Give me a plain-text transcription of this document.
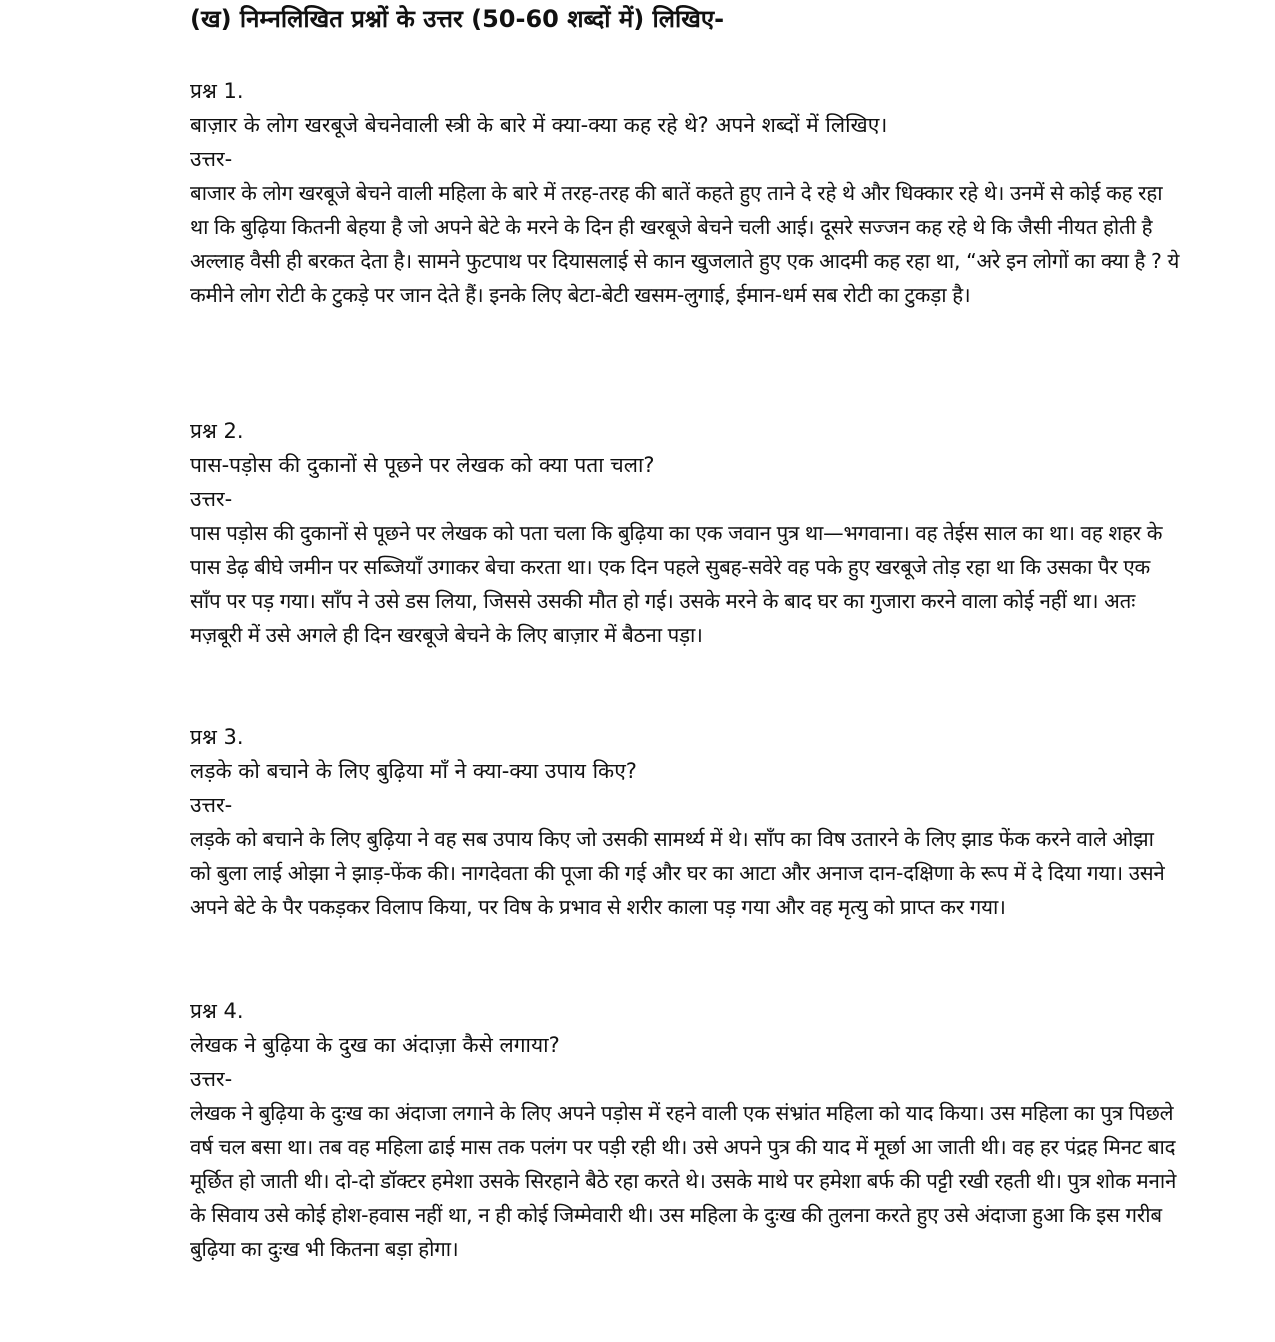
(ख) निम्नलिखित प्रश्नों के उत्तर (50-60 शब्दों में) लिखिए-
प्रश्न 1.
बाज़ार के लोग खरबूजे बेचनेवाली स्त्री के बारे में क्या-क्या कह रहे थे? अपने शब्दों में लिखिए।
उत्तर-
बाजार के लोग खरबूजे बेचने वाली महिला के बारे में तरह-तरह की बातें कहते हुए ताने दे रहे थे और धिक्कार रहे थे। उनमें से कोई कह रहा था कि बुढ़िया कितनी बेहया है जो अपने बेटे के मरने के दिन ही खरबूजे बेचने चली आई। दूसरे सज्जन कह रहे थे कि जैसी नीयत होती है अल्लाह वैसी ही बरकत देता है। सामने फुटपाथ पर दियासलाई से कान खुजलाते हुए एक आदमी कह रहा था, “अरे इन लोगों का क्या है ? ये कमीने लोग रोटी के टुकड़े पर जान देते हैं। इनके लिए बेटा-बेटी खसम-लुगाई, ईमान-धर्म सब रोटी का टुकड़ा है।
प्रश्न 2.
पास-पड़ोस की दुकानों से पूछने पर लेखक को क्या पता चला?
उत्तर-
पास पड़ोस की दुकानों से पूछने पर लेखक को पता चला कि बुढ़िया का एक जवान पुत्र था—भगवाना। वह तेईस साल का था। वह शहर के पास डेढ़ बीघे जमीन पर सब्जियाँ उगाकर बेचा करता था। एक दिन पहले सुबह-सवेरे वह पके हुए खरबूजे तोड़ रहा था कि उसका पैर एक साँप पर पड़ गया। साँप ने उसे डस लिया, जिससे उसकी मौत हो गई। उसके मरने के बाद घर का गुजारा करने वाला कोई नहीं था। अतः मज़बूरी में उसे अगले ही दिन खरबूजे बेचने के लिए बाज़ार में बैठना पड़ा।
प्रश्न 3.
लड़के को बचाने के लिए बुढ़िया माँ ने क्या-क्या उपाय किए?
उत्तर-
लड़के को बचाने के लिए बुढ़िया ने वह सब उपाय किए जो उसकी सामर्थ्य में थे। साँप का विष उतारने के लिए झाड फेंक करने वाले ओझा को बुला लाई ओझा ने झाड़-फेंक की। नागदेवता की पूजा की गई और घर का आटा और अनाज दान-दक्षिणा के रूप में दे दिया गया। उसने अपने बेटे के पैर पकड़कर विलाप किया, पर विष के प्रभाव से शरीर काला पड़ गया और वह मृत्यु को प्राप्त कर गया।
प्रश्न 4.
लेखक ने बुढ़िया के दुख का अंदाज़ा कैसे लगाया?
उत्तर-
लेखक ने बुढ़िया के दुःख का अंदाजा लगाने के लिए अपने पड़ोस में रहने वाली एक संभ्रांत महिला को याद किया। उस महिला का पुत्र पिछले वर्ष चल बसा था। तब वह महिला ढाई मास तक पलंग पर पड़ी रही थी। उसे अपने पुत्र की याद में मूर्छा आ जाती थी। वह हर पंद्रह मिनट बाद मूर्छित हो जाती थी। दो-दो डॉक्टर हमेशा उसके सिरहाने बैठे रहा करते थे। उसके माथे पर हमेशा बर्फ की पट्टी रखी रहती थी। पुत्र शोक मनाने के सिवाय उसे कोई होश-हवास नहीं था, न ही कोई जिम्मेवारी थी। उस महिला के दुःख की तुलना करते हुए उसे अंदाजा हुआ कि इस गरीब बुढ़िया का दुःख भी कितना बड़ा होगा।
